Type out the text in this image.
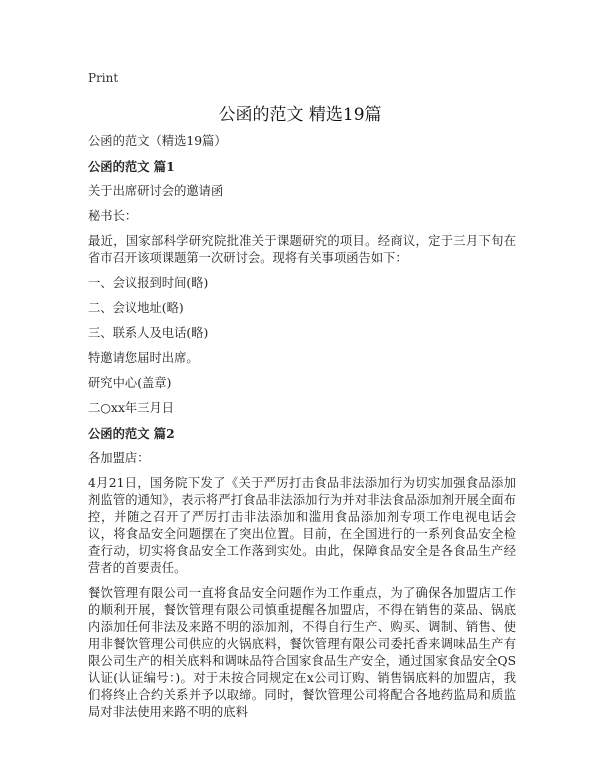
Print
公函的范文 精选19篇

公函的范文（精选19篇）

公函的范文 篇1

关于出席研讨会的邀请函

秘书长：

最近，国家部科学研究院批准关于课题研究的项目。经商议，定于三月下旬在省市召开该项课题第一次研讨会。现将有关事项函告如下：

一、会议报到时间(略)

二、会议地址(略)

三、联系人及电话(略)

特邀请您届时出席。

研究中心(盖章)

二○xx年三月日

公函的范文 篇2

各加盟店：

4月21日，国务院下发了《关于严厉打击食品非法添加行为切实加强食品添加剂监管的通知》，表示将严打食品非法添加行为并对非法食品添加剂开展全面布控，并随之召开了严厉打击非法添加和滥用食品添加剂专项工作电视电话会议，将食品安全问题摆在了突出位置。目前，在全国进行的一系列食品安全检查行动，切实将食品安全工作落到实处。由此，保障食品安全是各食品生产经营者的首要责任。

餐饮管理有限公司一直将食品安全问题作为工作重点，为了确保各加盟店工作的顺利开展，餐饮管理有限公司慎重提醒各加盟店，不得在销售的菜品、锅底内添加任何非法及来路不明的添加剂，不得自行生产、购买、调制、销售、使用非餐饮管理公司供应的火锅底料，餐饮管理有限公司委托香来调味品生产有限公司生产的相关底料和调味品符合国家食品生产安全，通过国家食品安全QS认证(认证编号：)。对于未按合同规定在x公司订购、销售锅底料的加盟店，我们将终止合约关系并予以取缔。同时，餐饮管理公司将配合各地药监局和质监局对非法使用来路不明的底料
